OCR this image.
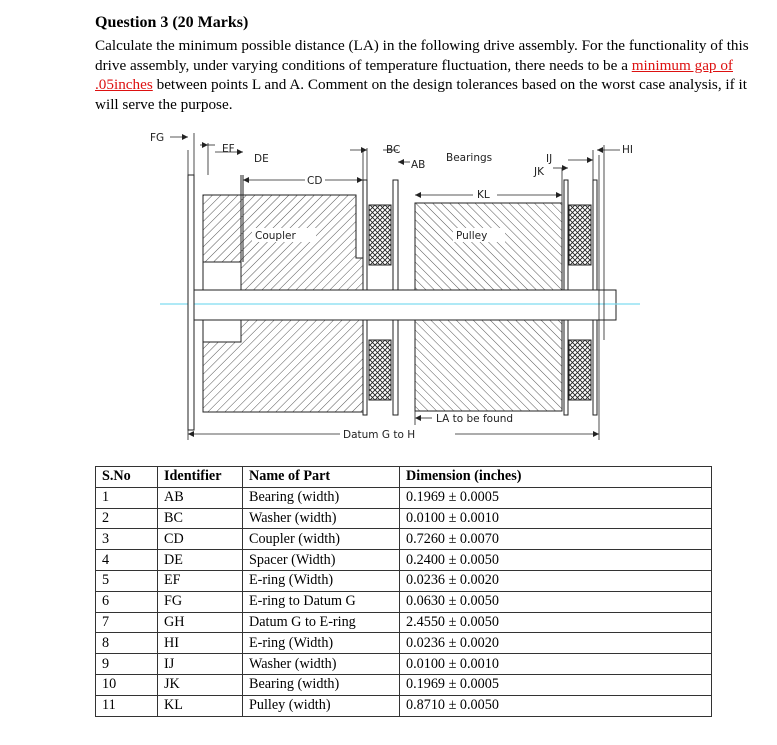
Question 3 (20 Marks)
Calculate the minimum possible distance (LA) in the following drive assembly. For the functionality of this drive assembly, under varying conditions of temperature fluctuation, there needs to be a minimum gap of .05inches between points L and A. Comment on the design tolerances based on the worst case analysis, if it will serve the purpose.
FG
EF
DE
CD
BC
AB
Bearings	IJ
JK
HI
KL
Coupler	Pulley
LA to be found
Datum G to H
S.No	Identifier	Name of Part	Dimension (inches)
1	AB	Bearing (width)	0.1969 ± 0.0005
2	BC	Washer (width)	0.0100 ± 0.0010
3	CD	Coupler (width)	0.7260 ± 0.0070
4	DE	Spacer (Width)	0.2400 ± 0.0050
5	EF	E-ring (Width)	0.0236 ± 0.0020
6	FG	E-ring to Datum G	0.0630 ± 0.0050
7	GH	Datum G to E-ring	2.4550 ± 0.0050
8	HI	E-ring (Width)	0.0236 ± 0.0020
9	IJ	Washer (width)	0.0100 ± 0.0010
10	JK	Bearing (width)	0.1969 ± 0.0005
11	KL	Pulley (width)	0.8710 ± 0.0050
